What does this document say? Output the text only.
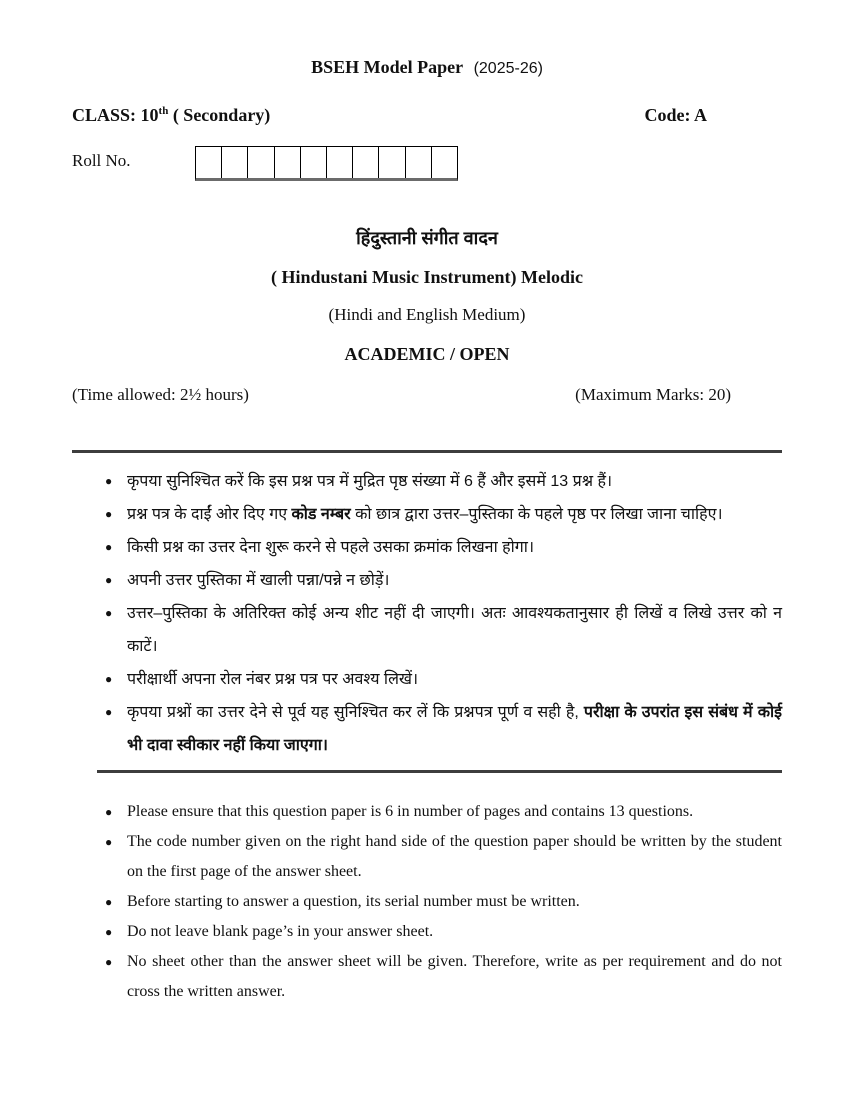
BSEH Model Paper (2025-26)
CLASS: 10th ( Secondary)	Code: A
Roll No.
हिंदुस्तानी संगीत वादन
( Hindustani Music Instrument) Melodic
(Hindi and English Medium)
ACADEMIC / OPEN
(Time allowed: 2½ hours)	(Maximum Marks: 20)
● कृपया सुनिश्चित करें कि इस प्रश्न पत्र में मुद्रित पृष्ठ संख्या में 6 हैं और इसमें 13 प्रश्न हैं।
● प्रश्न पत्र के दाईं ओर दिए गए कोड नम्बर को छात्र द्वारा उत्तर–पुस्तिका के पहले पृष्ठ पर लिखा जाना चाहिए।
● किसी प्रश्न का उत्तर देना शुरू करने से पहले उसका क्रमांक लिखना होगा।
● अपनी उत्तर पुस्तिका में खाली पन्ना/पन्ने न छोड़ें।
● उत्तर–पुस्तिका के अतिरिक्त कोई अन्य शीट नहीं दी जाएगी। अतः आवश्यकतानुसार ही लिखें व लिखे उत्तर को न काटें।
● परीक्षार्थी अपना रोल नंबर प्रश्न पत्र पर अवश्य लिखें।
● कृपया प्रश्नों का उत्तर देने से पूर्व यह सुनिश्चित कर लें कि प्रश्नपत्र पूर्ण व सही है, परीक्षा के उपरांत इस संबंध में कोई भी दावा स्वीकार नहीं किया जाएगा।
● Please ensure that this question paper is 6 in number of pages and contains 13 questions.
● The code number given on the right hand side of the question paper should be written by the student on the first page of the answer sheet.
● Before starting to answer a question, its serial number must be written.
● Do not leave blank page’s in your answer sheet.
● No sheet other than the answer sheet will be given. Therefore, write as per requirement and do not cross the written answer.
